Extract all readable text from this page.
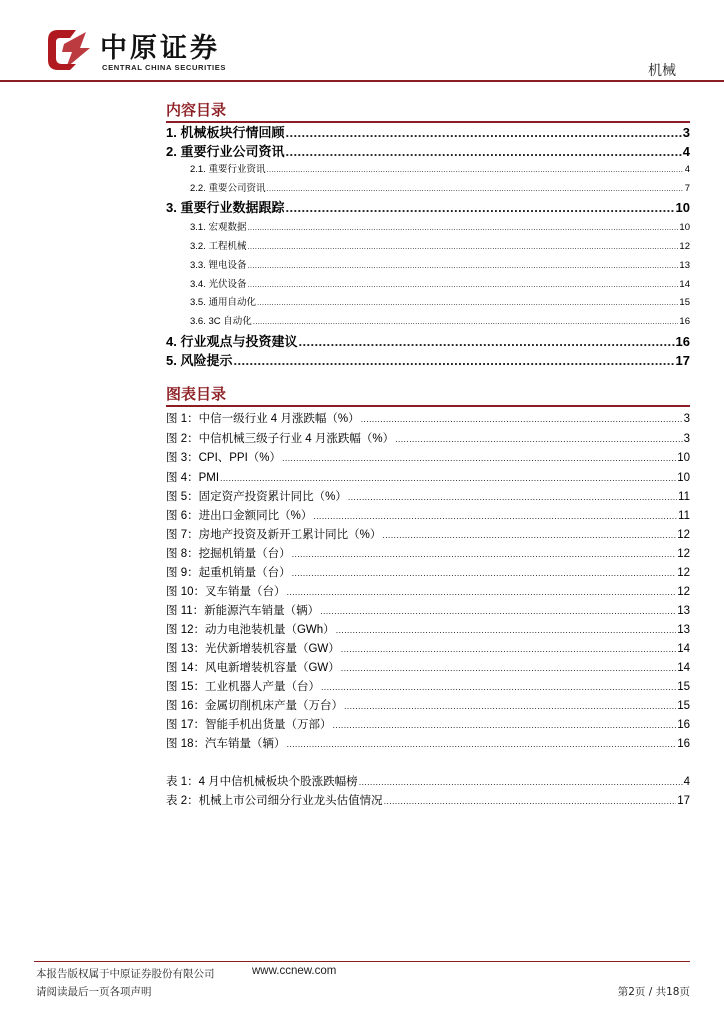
中原证券
CENTRAL CHINA SECURITIES	机械
内容目录
1. 机械板块行情回顾 .....	3
2. 重要行业公司资讯 .....	4
2.1. 重要行业资讯 .....	4
2.2. 重要公司资讯 .....	7
3. 重要行业数据跟踪 .....	10
3.1. 宏观数据 .....	10
3.2. 工程机械 .....	12
3.3. 锂电设备 .....	13
3.4. 光伏设备 .....	14
3.5. 通用自动化 .....	15
3.6. 3C 自动化 .....	16
4. 行业观点与投资建议 .....	16
5. 风险提示 .....	17
图表目录
图 1：中信一级行业 4 月涨跌幅（%） .....	3
图 2：中信机械三级子行业 4 月涨跌幅（%） .....	3
图 3：CPI、PPI（%） .....	10
图 4：PMI .....	10
图 5：固定资产投资累计同比（%） .....	11
图 6：进出口金额同比（%） .....	11
图 7：房地产投资及新开工累计同比（%） .....	12
图 8：挖掘机销量（台） .....	12
图 9：起重机销量（台） .....	12
图 10：叉车销量（台） .....	12
图 11：新能源汽车销量（辆） .....	13
图 12：动力电池装机量（GWh） .....	13
图 13：光伏新增装机容量（GW） .....	14
图 14：风电新增装机容量（GW） .....	14
图 15：工业机器人产量（台） .....	15
图 16：金属切削机床产量（万台） .....	15
图 17：智能手机出货量（万部） .....	16
图 18：汽车销量（辆） .....	16
表 1：4 月中信机械板块个股涨跌幅榜 .....	4
表 2：机械上市公司细分行业龙头估值情况 .....	17
本报告版权属于中原证券股份有限公司	www.ccnew.com
请阅读最后一页各项声明	第2页 / 共18页
